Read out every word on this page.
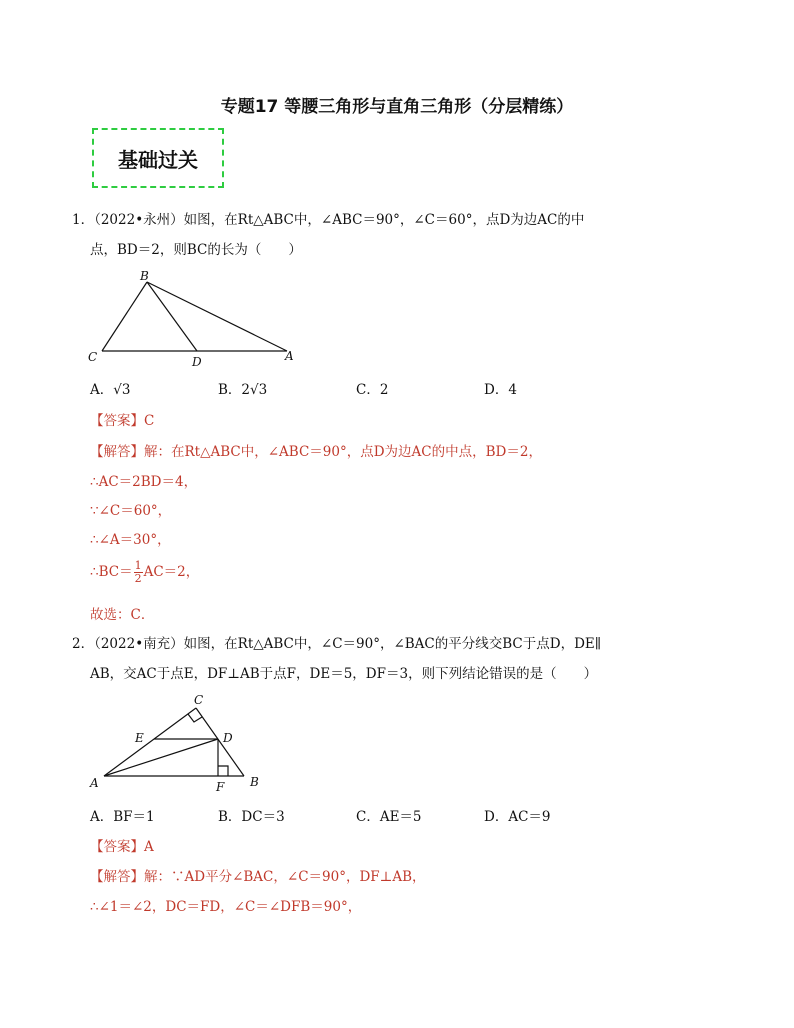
专题17 等腰三角形与直角三角形（分层精练）
基础过关
1．（2022•永州）如图，在Rt△ABC中，∠ABC＝90°，∠C＝60°，点D为边AC的中
点，BD＝2，则BC的长为（　　）
B
C	D	A
A．√3	B．2√3	C．2	D．4
【答案】C
【解答】解：在Rt△ABC中，∠ABC＝90°，点D为边AC的中点，BD＝2，
∴AC＝2BD＝4，
∵∠C＝60°，
∴∠A＝30°，
∴BC＝ $\frac{1}{2} AC=2$，
故选：C．
2．（2022•南充）如图，在Rt△ABC中，∠C＝90°，∠BAC的平分线交BC于点D，DE∥
AB，交AC于点E，DF⊥AB于点F，DE＝5，DF＝3，则下列结论错误的是（　　）
C
E	D
A	F B
A．BF＝1	B．DC＝3	C．AE＝5	D．AC＝9
【答案】A
【解答】解：∵AD平分∠BAC，∠C＝90°，DF⊥AB，
∴∠1＝∠2，DC＝FD，∠C＝∠DFB＝90°，
